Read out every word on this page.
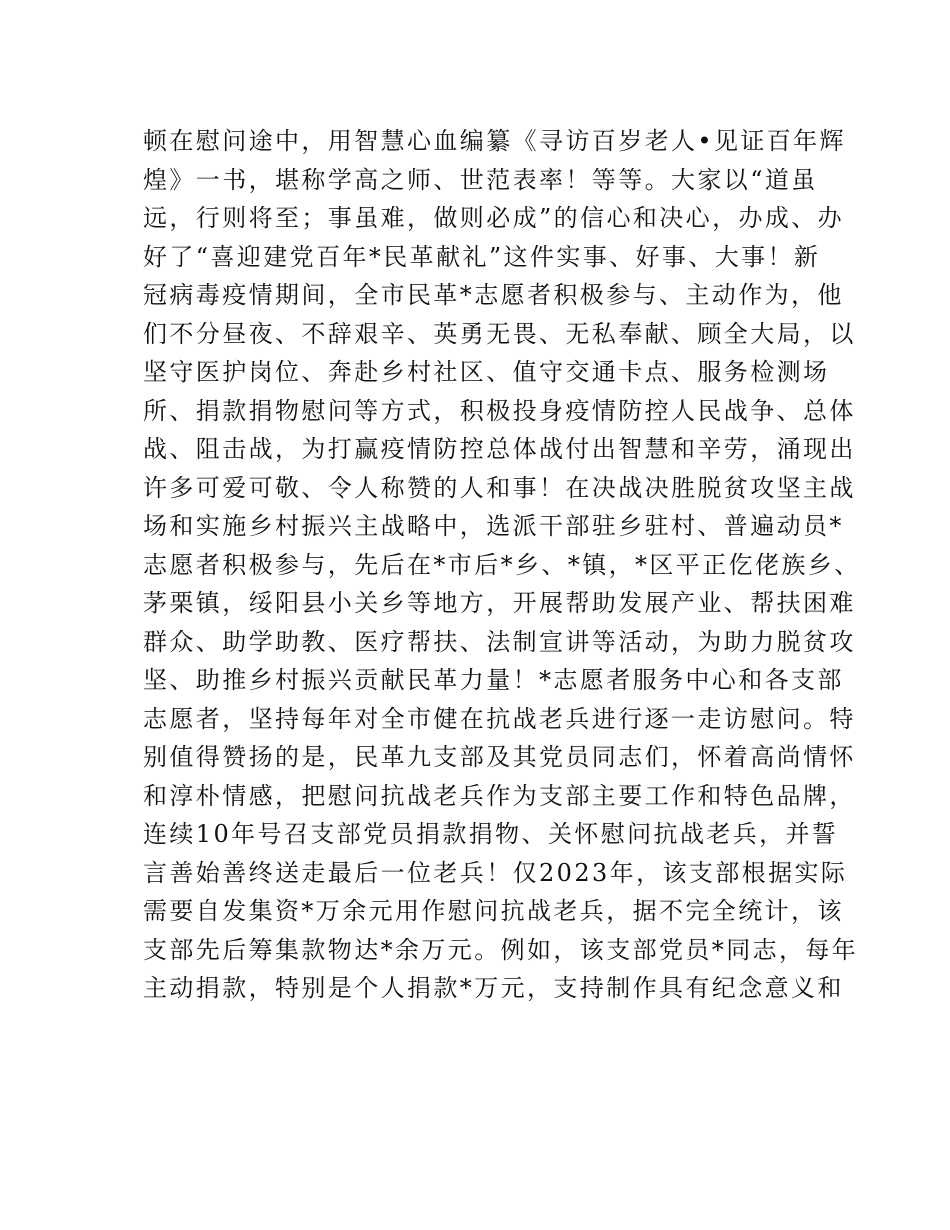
顿在慰问途中，用智慧心血编纂《寻访百岁老人•见证百年辉
煌》一书，堪称学高之师、世范表率！等等。大家以“道虽
远，行则将至；事虽难，做则必成”的信心和决心，办成、办
好了“喜迎建党百年*民革献礼”这件实事、好事、大事！新
冠病毒疫情期间，全市民革*志愿者积极参与、主动作为，他
们不分昼夜、不辞艰辛、英勇无畏、无私奉献、顾全大局，以
坚守医护岗位、奔赴乡村社区、值守交通卡点、服务检测场
所、捐款捐物慰问等方式，积极投身疫情防控人民战争、总体
战、阻击战，为打赢疫情防控总体战付出智慧和辛劳，涌现出
许多可爱可敬、令人称赞的人和事！在决战决胜脱贫攻坚主战
场和实施乡村振兴主战略中，选派干部驻乡驻村、普遍动员*
志愿者积极参与，先后在*市后*乡、*镇，*区平正仡佬族乡、
茅栗镇，绥阳县小关乡等地方，开展帮助发展产业、帮扶困难
群众、助学助教、医疗帮扶、法制宣讲等活动，为助力脱贫攻
坚、助推乡村振兴贡献民革力量！*志愿者服务中心和各支部
志愿者，坚持每年对全市健在抗战老兵进行逐一走访慰问。特
别值得赞扬的是，民革九支部及其党员同志们，怀着高尚情怀
和淳朴情感，把慰问抗战老兵作为支部主要工作和特色品牌，
连续10年号召支部党员捐款捐物、关怀慰问抗战老兵，并誓
言善始善终送走最后一位老兵！仅2023年，该支部根据实际
需要自发集资*万余元用作慰问抗战老兵，据不完全统计，该
支部先后筹集款物达*余万元。例如，该支部党员*同志，每年
主动捐款，特别是个人捐款*万元，支持制作具有纪念意义和
